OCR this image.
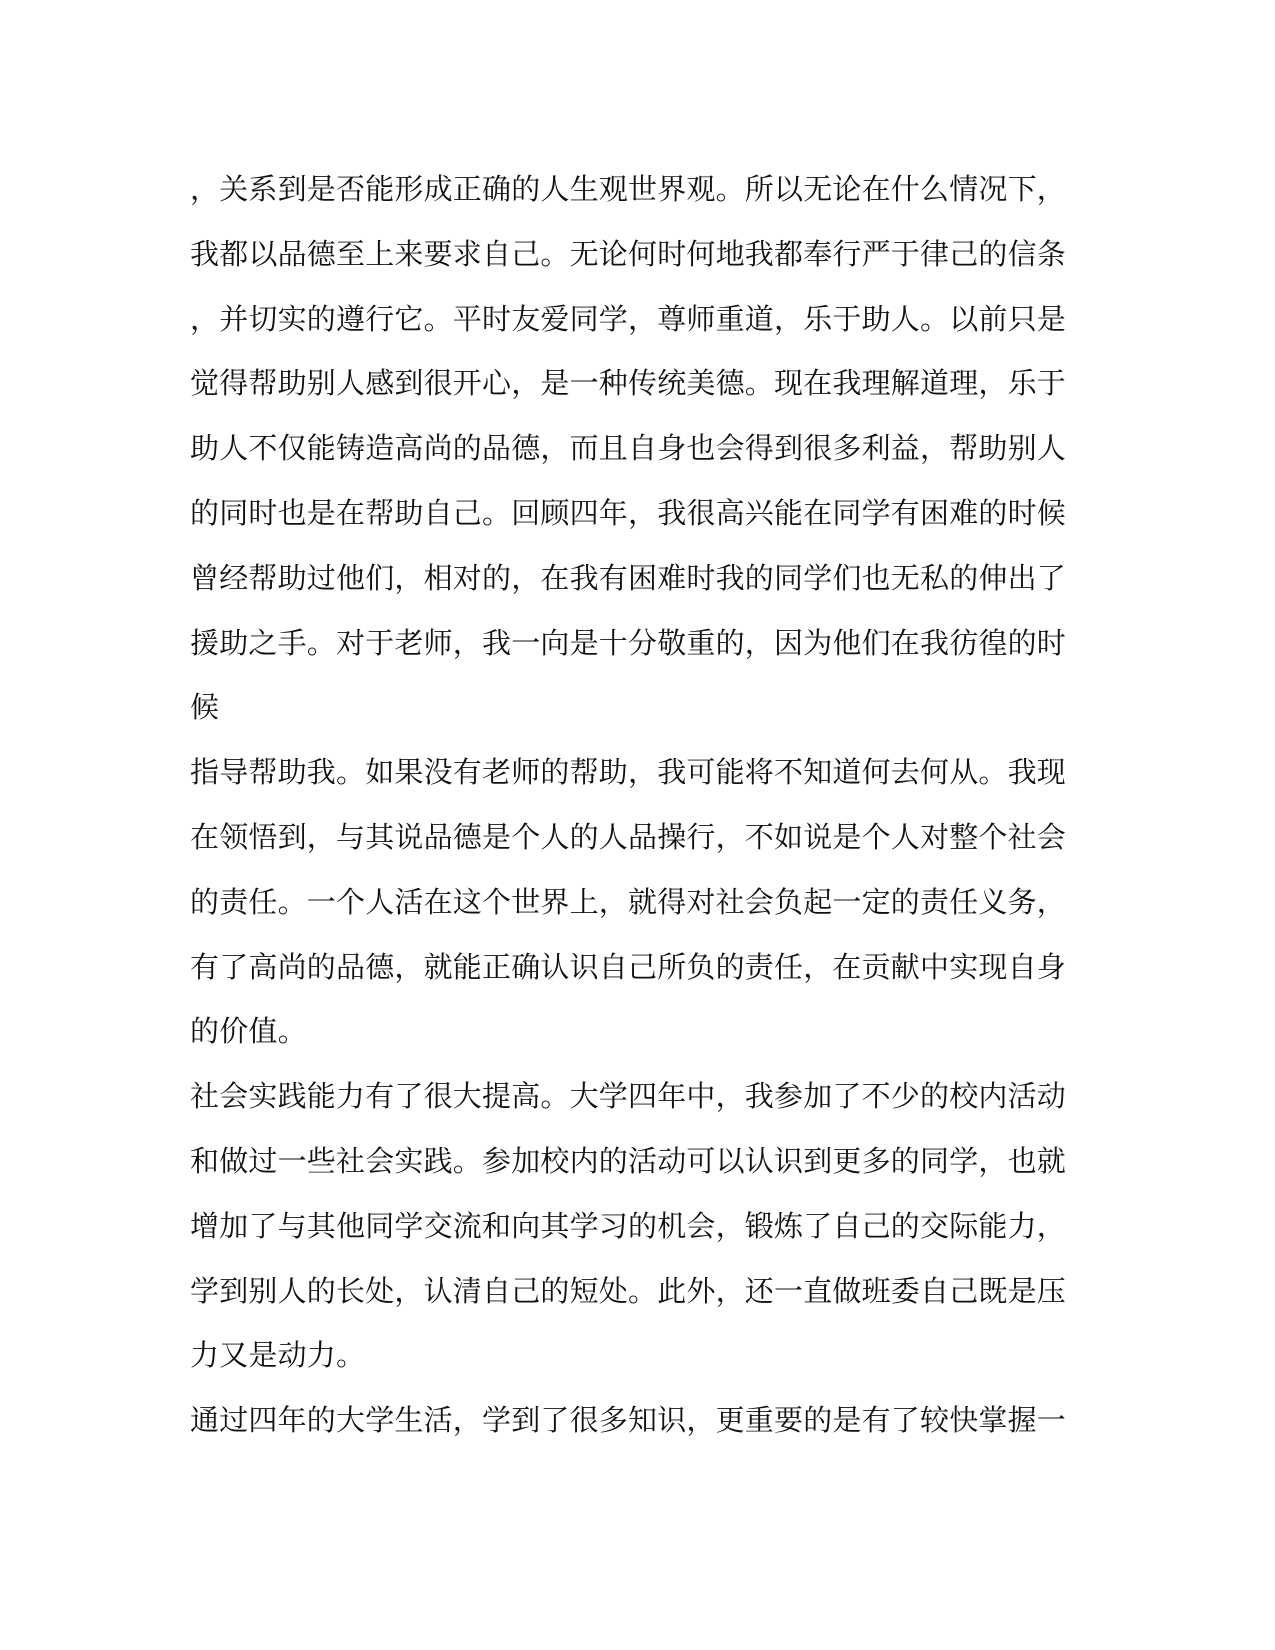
，关系到是否能形成正确的人生观世界观。所以无论在什么情况下，
我都以品德至上来要求自己。无论何时何地我都奉行严于律己的信条
，并切实的遵行它。平时友爱同学，尊师重道，乐于助人。以前只是
觉得帮助别人感到很开心，是一种传统美德。现在我理解道理，乐于
助人不仅能铸造高尚的品德，而且自身也会得到很多利益，帮助别人
的同时也是在帮助自己。回顾四年，我很高兴能在同学有困难的时候
曾经帮助过他们，相对的，在我有困难时我的同学们也无私的伸出了
援助之手。对于老师，我一向是十分敬重的，因为他们在我彷徨的时
候
指导帮助我。如果没有老师的帮助，我可能将不知道何去何从。我现
在领悟到，与其说品德是个人的人品操行，不如说是个人对整个社会
的责任。一个人活在这个世界上，就得对社会负起一定的责任义务，
有了高尚的品德，就能正确认识自己所负的责任，在贡献中实现自身
的价值。
社会实践能力有了很大提高。大学四年中，我参加了不少的校内活动
和做过一些社会实践。参加校内的活动可以认识到更多的同学，也就
增加了与其他同学交流和向其学习的机会，锻炼了自己的交际能力，
学到别人的长处，认清自己的短处。此外，还一直做班委自己既是压
力又是动力。
通过四年的大学生活，学到了很多知识，更重要的是有了较快掌握一
